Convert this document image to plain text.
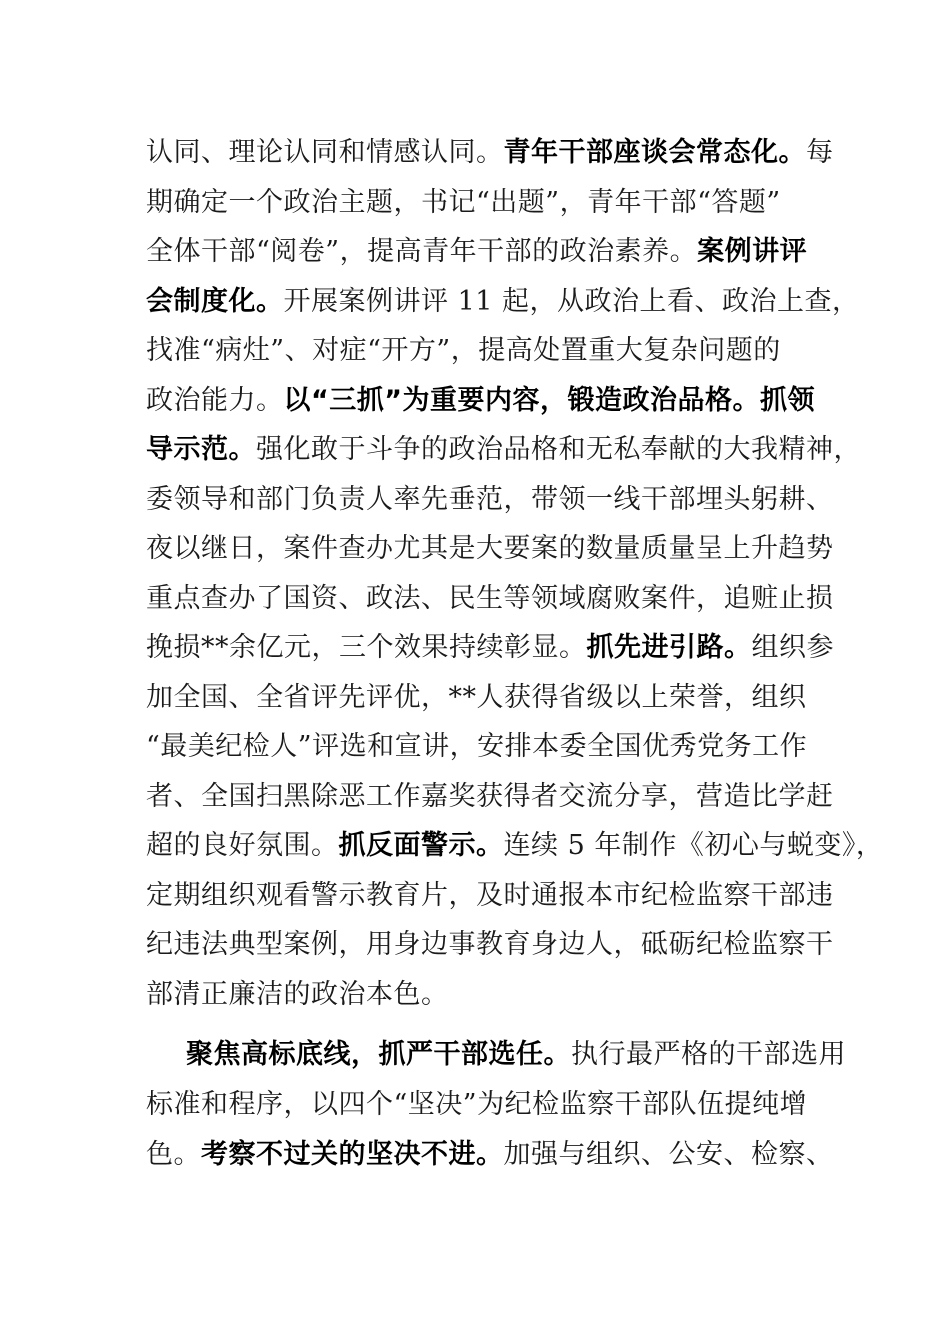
认同、理论认同和情感认同。青年干部座谈会常态化。每
期确定一个政治主题，书记“出题”，青年干部“答题”
全体干部“阅卷”，提高青年干部的政治素养。案例讲评
会制度化。开展案例讲评 11 起，从政治上看、政治上查，
找准“病灶”、对症“开方”，提高处置重大复杂问题的
政治能力。以“三抓”为重要内容，锻造政治品格。抓领
导示范。强化敢于斗争的政治品格和无私奉献的大我精神，
委领导和部门负责人率先垂范，带领一线干部埋头躬耕、
夜以继日，案件查办尤其是大要案的数量质量呈上升趋势
重点查办了国资、政法、民生等领域腐败案件，追赃止损
挽损**余亿元，三个效果持续彰显。抓先进引路。组织参
加全国、全省评先评优，**人获得省级以上荣誉，组织
“最美纪检人”评选和宣讲，安排本委全国优秀党务工作
者、全国扫黑除恶工作嘉奖获得者交流分享，营造比学赶
超的良好氛围。抓反面警示。连续 5 年制作《初心与蜕变》，
定期组织观看警示教育片，及时通报本市纪检监察干部违
纪违法典型案例，用身边事教育身边人，砥砺纪检监察干
部清正廉洁的政治本色。
聚焦高标底线，抓严干部选任。执行最严格的干部选用
标准和程序，以四个“坚决”为纪检监察干部队伍提纯增
色。考察不过关的坚决不进。加强与组织、公安、检察、
